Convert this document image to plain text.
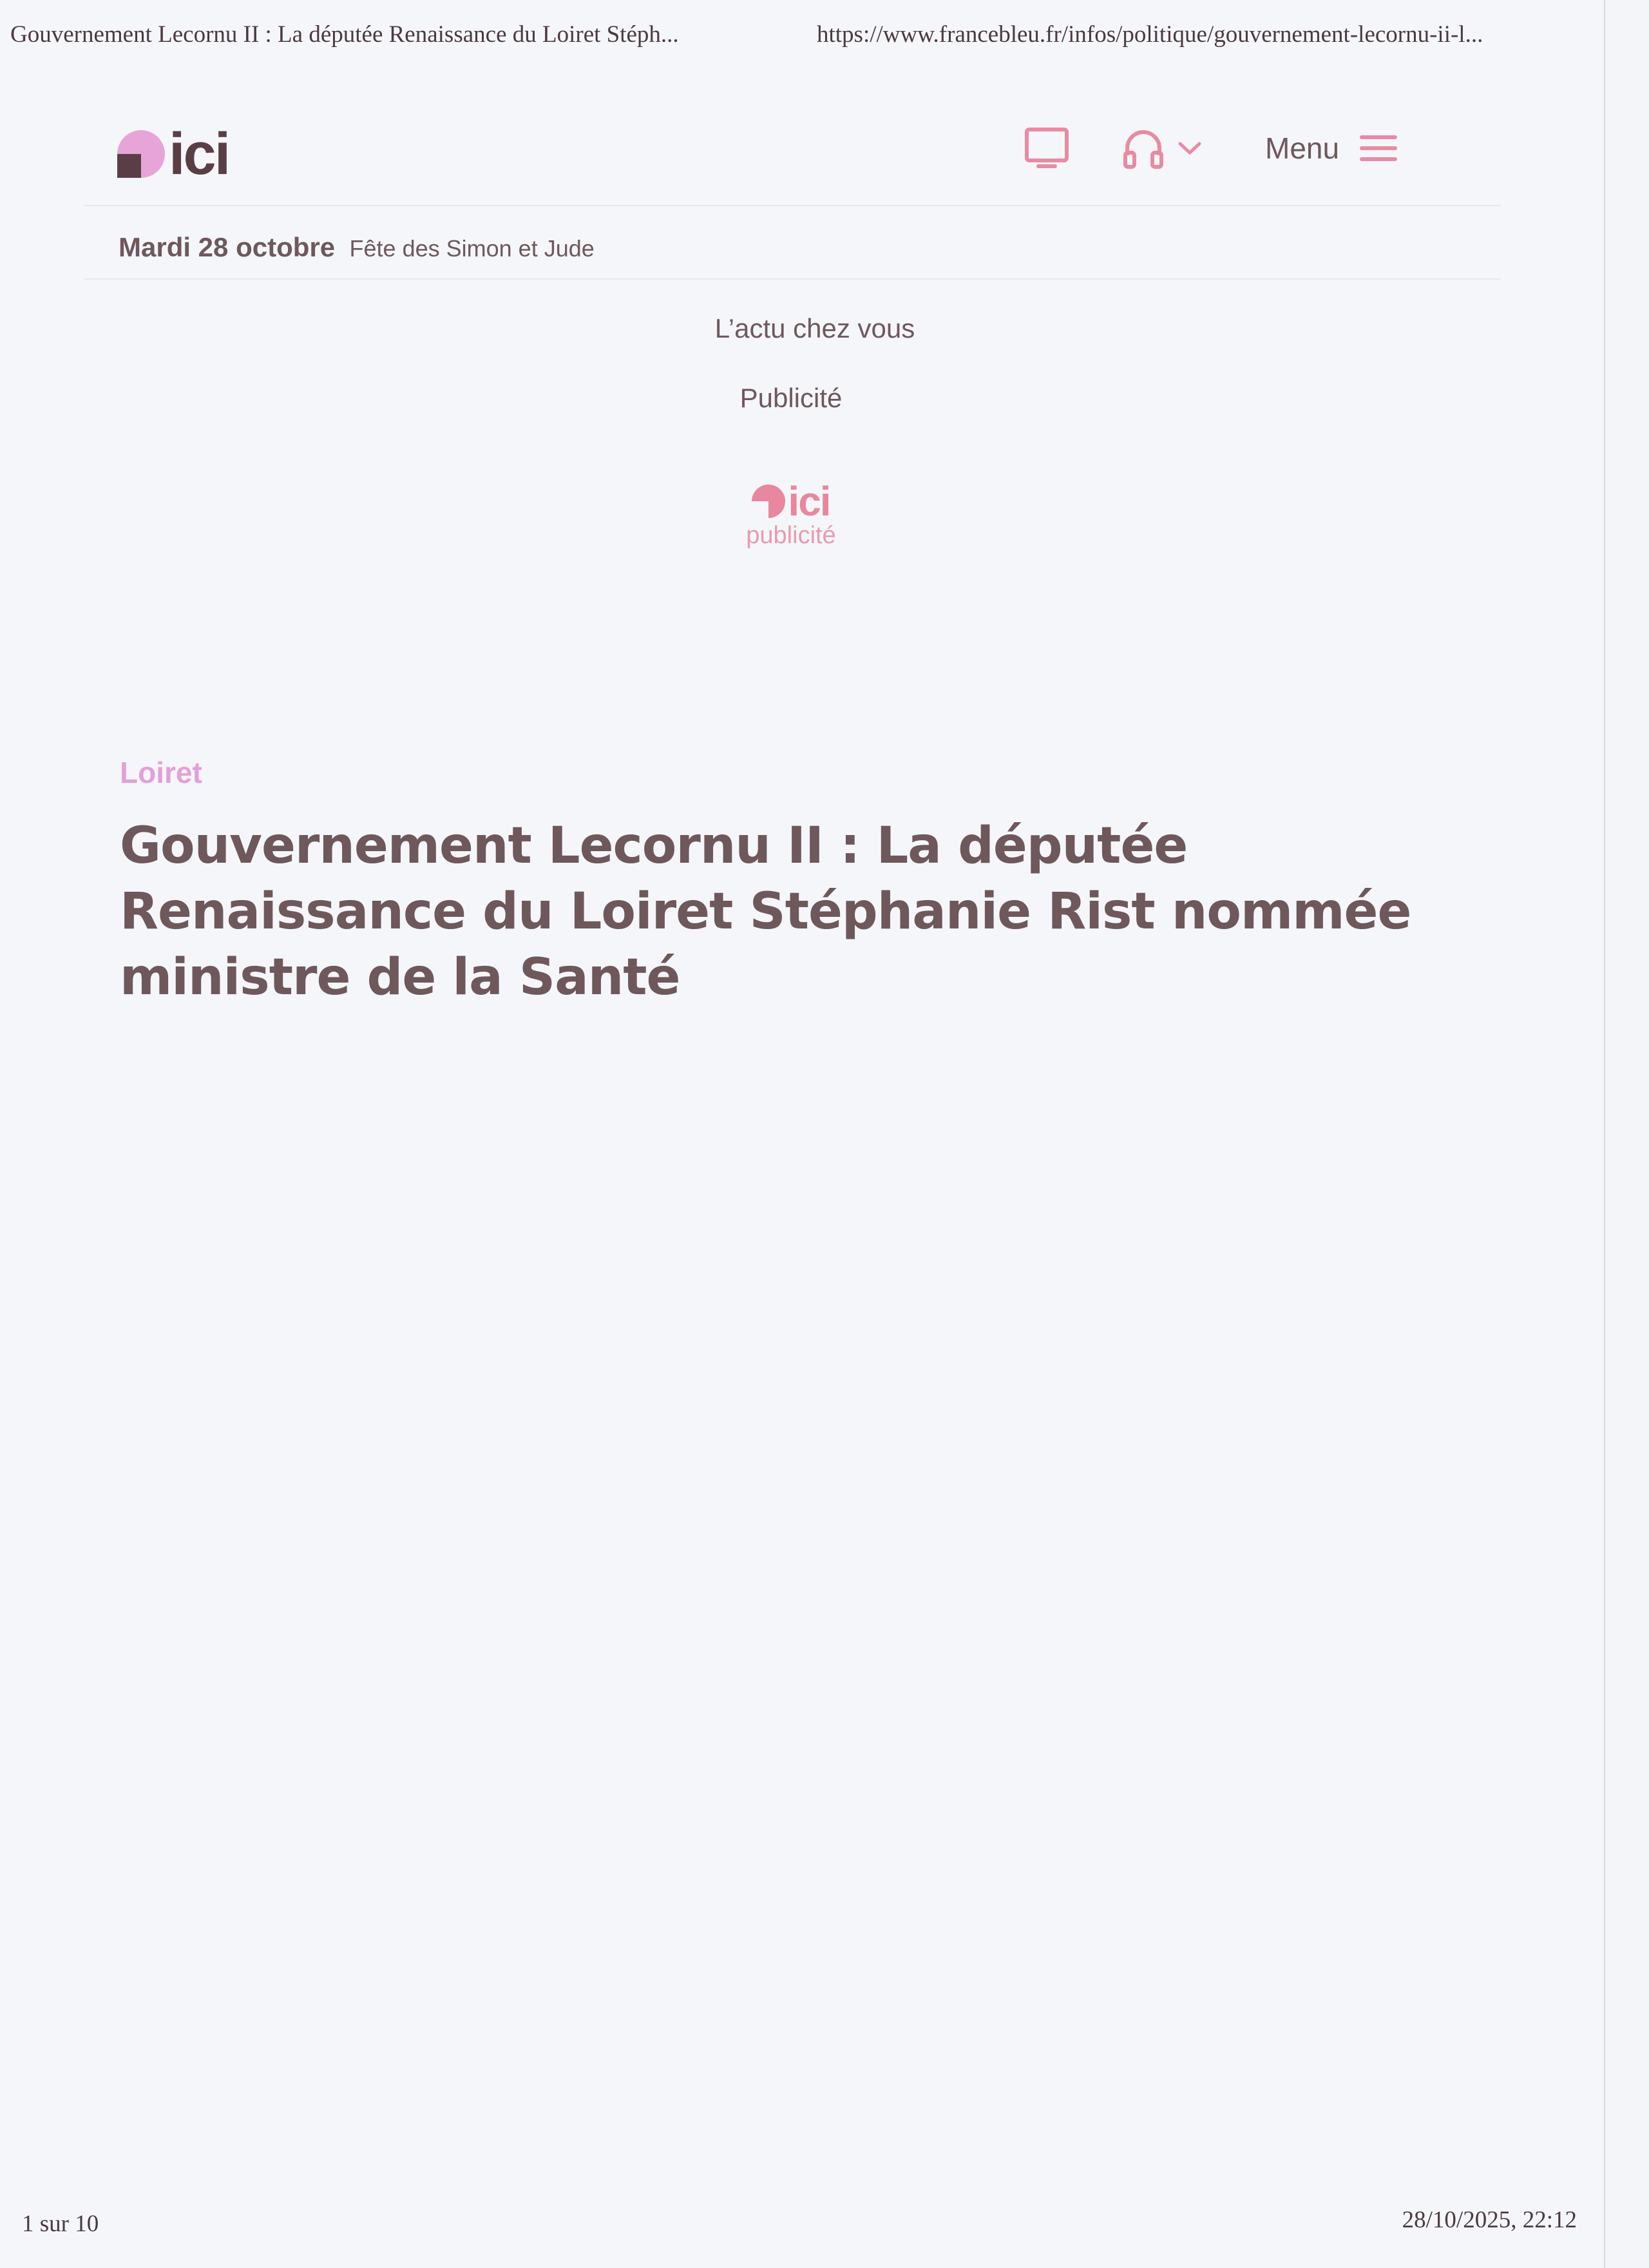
Gouvernement Lecornu II : La députée Renaissance du Loiret Stéph...	https://www.francebleu.fr/infos/politique/gouvernement-lecornu-ii-l...
ici	Menu
Mardi 28 octobre Fête des Simon et Jude
L’actu chez vous
Publicité
ici
publicité
Loiret
Gouvernement Lecornu II : La députée Renaissance du Loiret Stéphanie Rist nommée ministre de la Santé
1 sur 10	28/10/2025, 22:12
